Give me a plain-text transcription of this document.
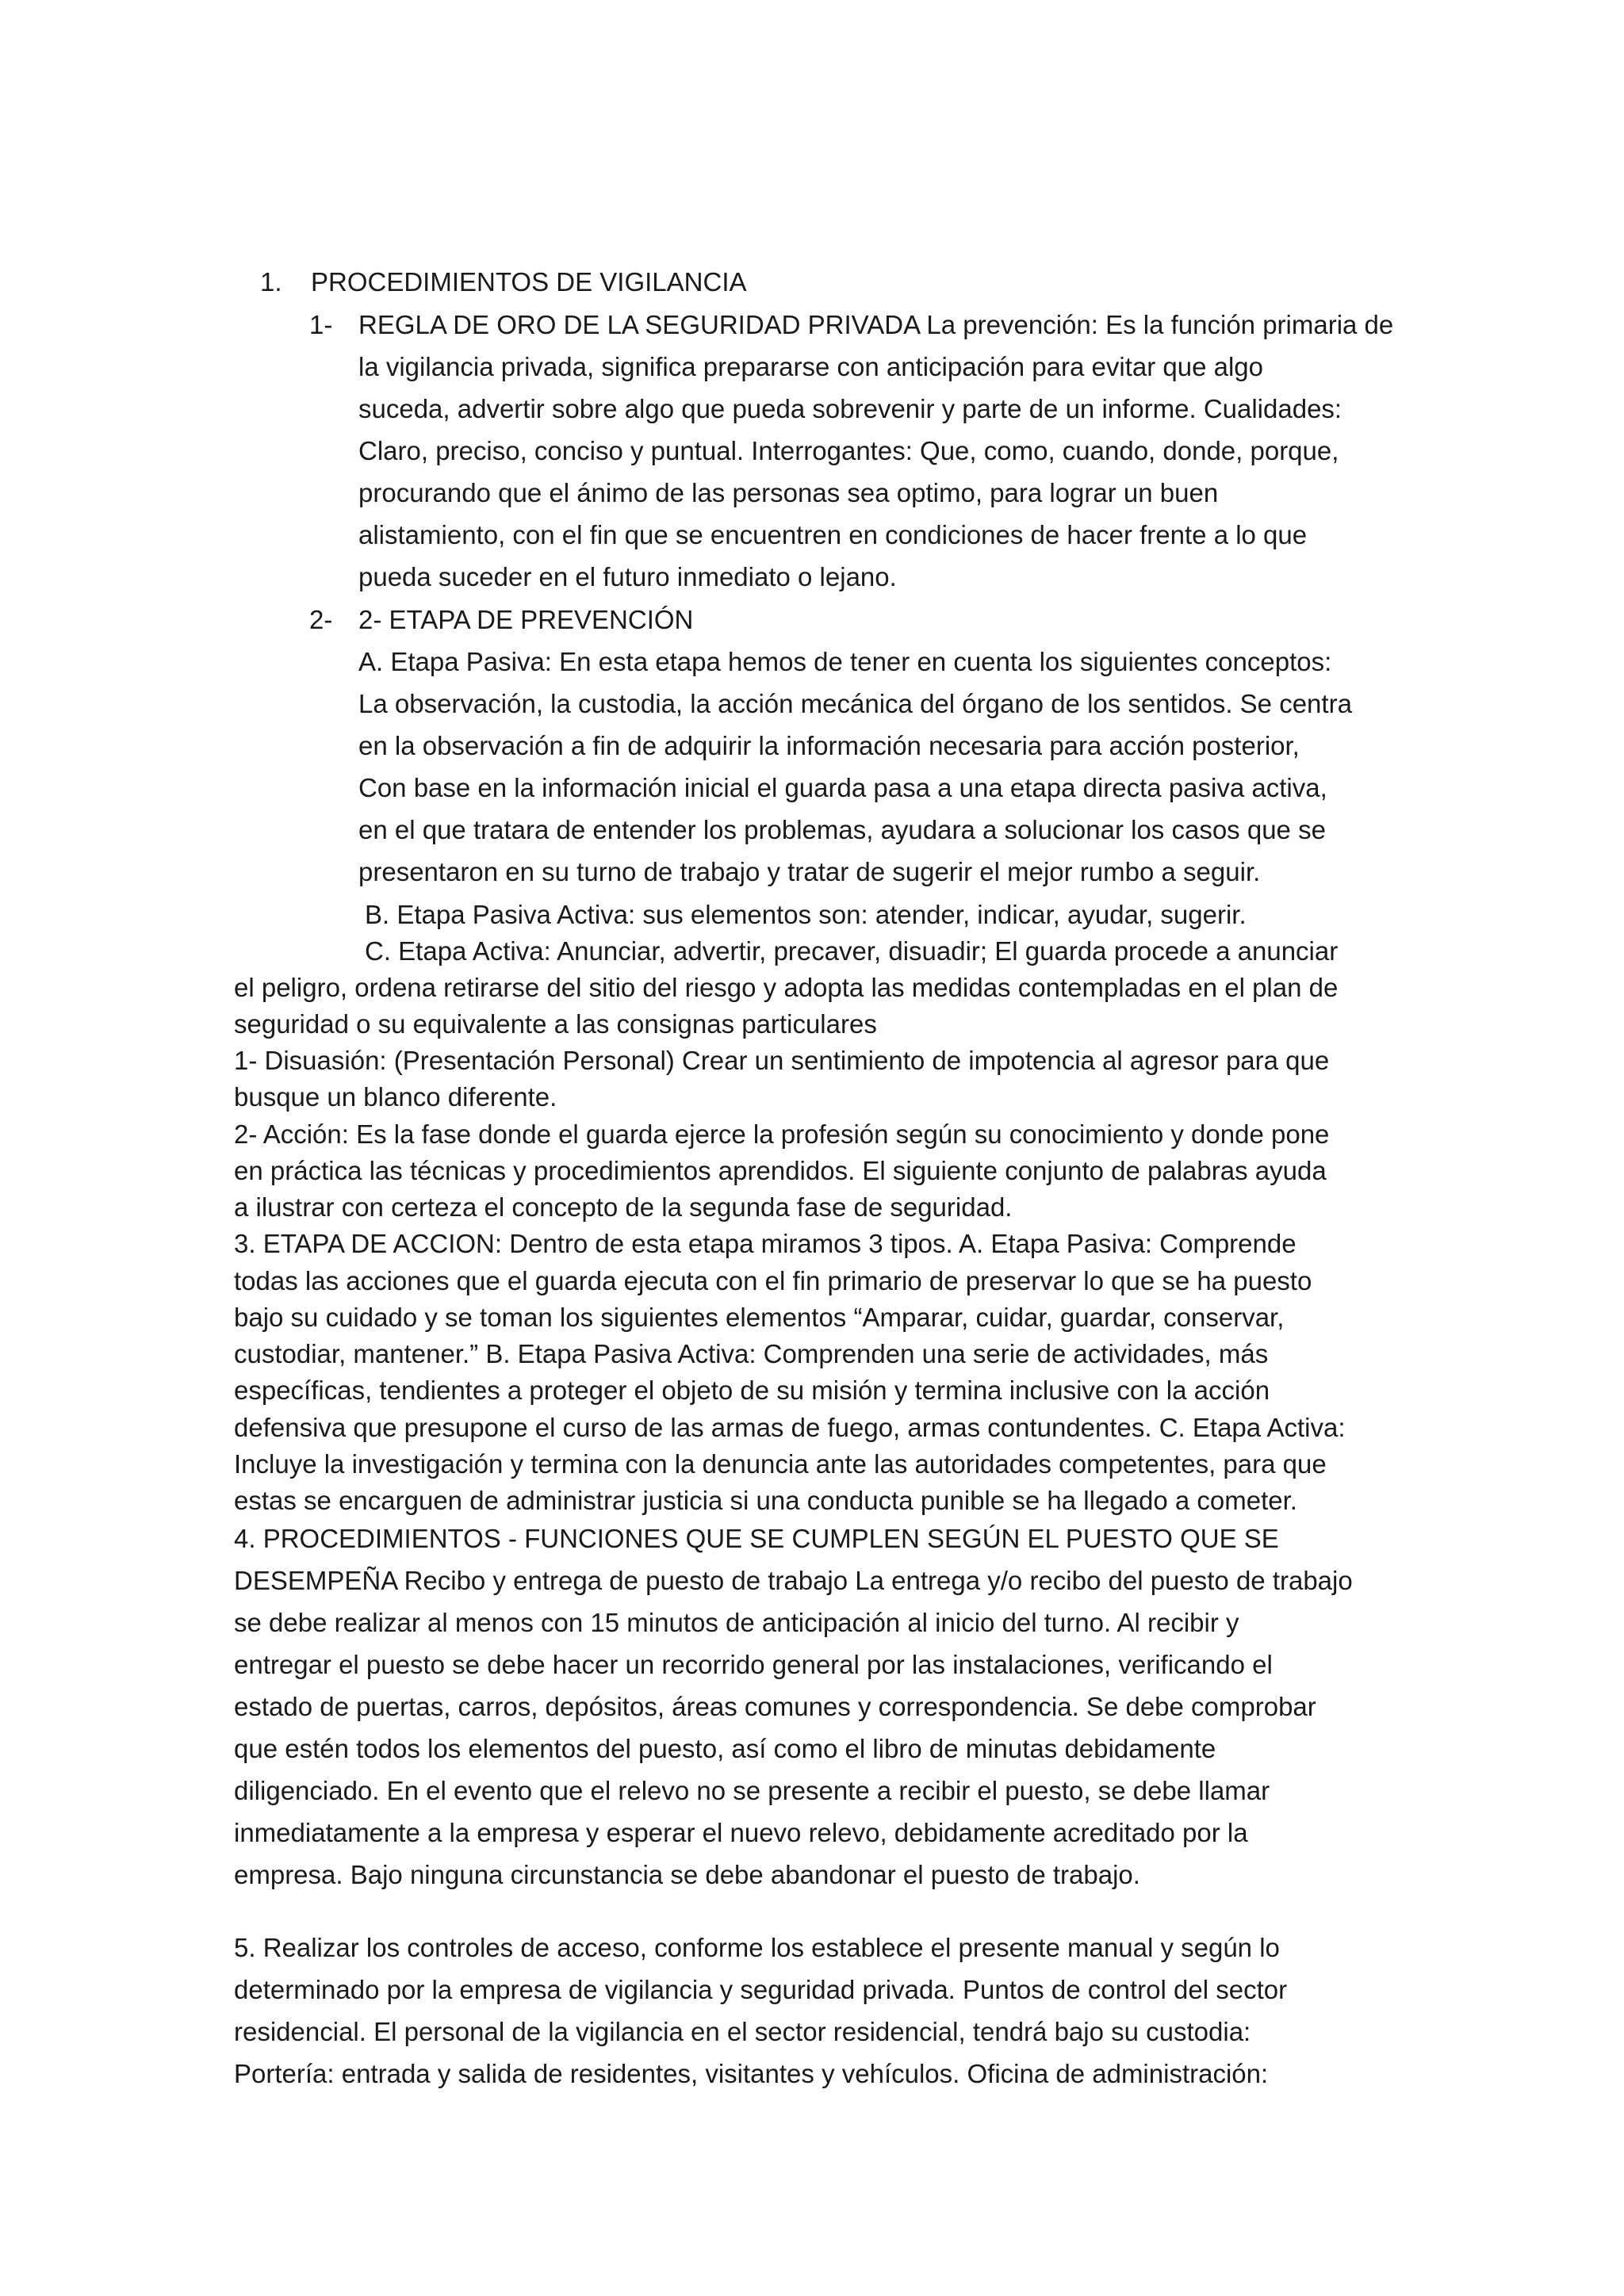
1. PROCEDIMIENTOS DE VIGILANCIA
1- REGLA DE ORO DE LA SEGURIDAD PRIVADA La prevención: Es la función primaria de
la vigilancia privada, significa prepararse con anticipación para evitar que algo
suceda, advertir sobre algo que pueda sobrevenir y parte de un informe. Cualidades:
Claro, preciso, conciso y puntual. Interrogantes: Que, como, cuando, donde, porque,
procurando que el ánimo de las personas sea optimo, para lograr un buen
alistamiento, con el fin que se encuentren en condiciones de hacer frente a lo que
pueda suceder en el futuro inmediato o lejano.
2- 2- ETAPA DE PREVENCIÓN
A. Etapa Pasiva: En esta etapa hemos de tener en cuenta los siguientes conceptos:
La observación, la custodia, la acción mecánica del órgano de los sentidos. Se centra
en la observación a fin de adquirir la información necesaria para acción posterior,
Con base en la información inicial el guarda pasa a una etapa directa pasiva activa,
en el que tratara de entender los problemas, ayudara a solucionar los casos que se
presentaron en su turno de trabajo y tratar de sugerir el mejor rumbo a seguir.
B. Etapa Pasiva Activa: sus elementos son: atender, indicar, ayudar, sugerir.
C. Etapa Activa: Anunciar, advertir, precaver, disuadir; El guarda procede a anunciar
el peligro, ordena retirarse del sitio del riesgo y adopta las medidas contempladas en el plan de
seguridad o su equivalente a las consignas particulares
1- Disuasión: (Presentación Personal) Crear un sentimiento de impotencia al agresor para que
busque un blanco diferente.
2- Acción: Es la fase donde el guarda ejerce la profesión según su conocimiento y donde pone
en práctica las técnicas y procedimientos aprendidos. El siguiente conjunto de palabras ayuda
a ilustrar con certeza el concepto de la segunda fase de seguridad.
3. ETAPA DE ACCION: Dentro de esta etapa miramos 3 tipos. A. Etapa Pasiva: Comprende
todas las acciones que el guarda ejecuta con el fin primario de preservar lo que se ha puesto
bajo su cuidado y se toman los siguientes elementos “Amparar, cuidar, guardar, conservar,
custodiar, mantener.” B. Etapa Pasiva Activa: Comprenden una serie de actividades, más
específicas, tendientes a proteger el objeto de su misión y termina inclusive con la acción
defensiva que presupone el curso de las armas de fuego, armas contundentes. C. Etapa Activa:
Incluye la investigación y termina con la denuncia ante las autoridades competentes, para que
estas se encarguen de administrar justicia si una conducta punible se ha llegado a cometer.
4. PROCEDIMIENTOS - FUNCIONES QUE SE CUMPLEN SEGÚN EL PUESTO QUE SE
DESEMPEÑA Recibo y entrega de puesto de trabajo La entrega y/o recibo del puesto de trabajo
se debe realizar al menos con 15 minutos de anticipación al inicio del turno. Al recibir y
entregar el puesto se debe hacer un recorrido general por las instalaciones, verificando el
estado de puertas, carros, depósitos, áreas comunes y correspondencia. Se debe comprobar
que estén todos los elementos del puesto, así como el libro de minutas debidamente
diligenciado. En el evento que el relevo no se presente a recibir el puesto, se debe llamar
inmediatamente a la empresa y esperar el nuevo relevo, debidamente acreditado por la
empresa. Bajo ninguna circunstancia se debe abandonar el puesto de trabajo.
5. Realizar los controles de acceso, conforme los establece el presente manual y según lo
determinado por la empresa de vigilancia y seguridad privada. Puntos de control del sector
residencial. El personal de la vigilancia en el sector residencial, tendrá bajo su custodia:
Portería: entrada y salida de residentes, visitantes y vehículos. Oficina de administración:
